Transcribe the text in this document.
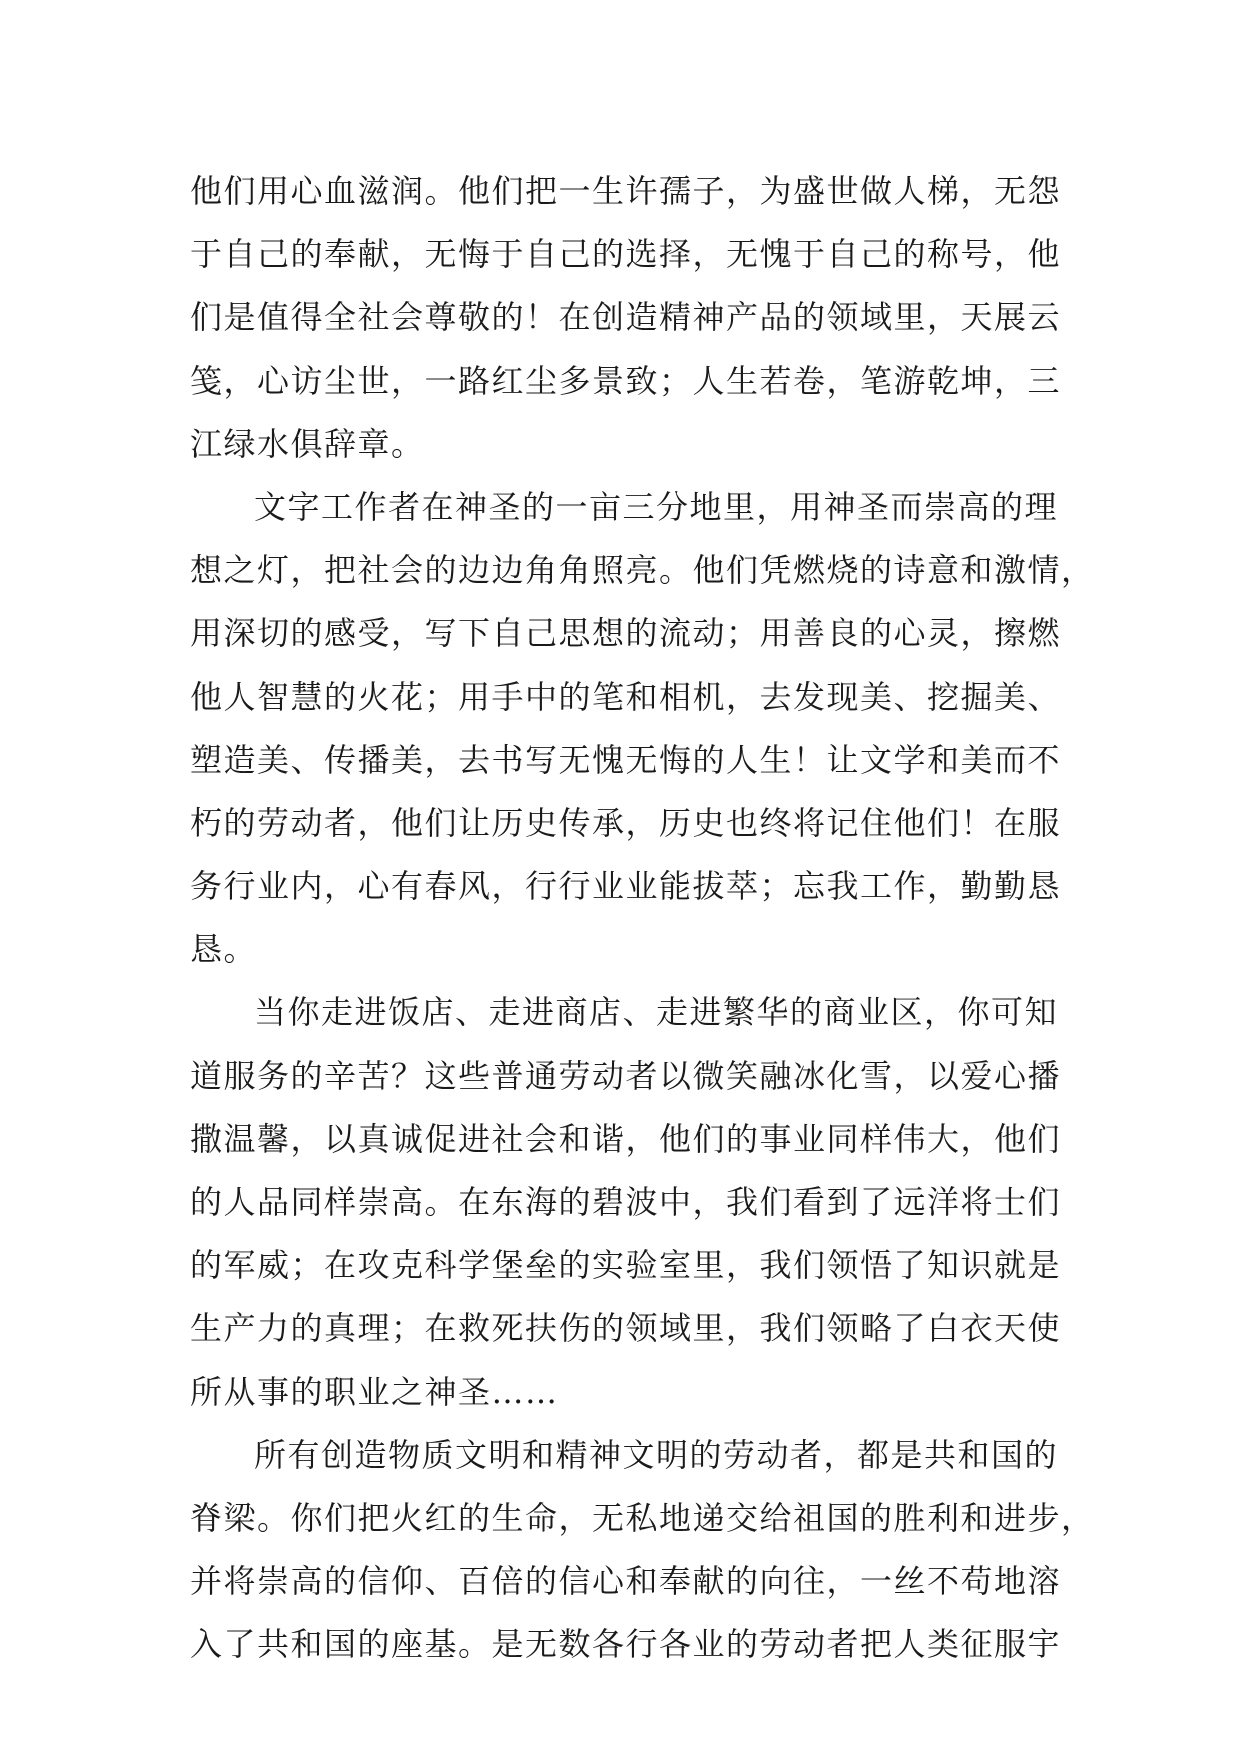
他们用心血滋润。他们把一生许孺子，为盛世做人梯，无怨
于自己的奉献，无悔于自己的选择，无愧于自己的称号，他
们是值得全社会尊敬的！在创造精神产品的领域里，天展云
笺，心访尘世，一路红尘多景致；人生若卷，笔游乾坤，三
江绿水俱辞章。
文字工作者在神圣的一亩三分地里，用神圣而崇高的理
想之灯，把社会的边边角角照亮。他们凭燃烧的诗意和激情，
用深切的感受，写下自己思想的流动；用善良的心灵，擦燃
他人智慧的火花；用手中的笔和相机，去发现美、挖掘美、
塑造美、传播美，去书写无愧无悔的人生！让文学和美而不
朽的劳动者，他们让历史传承，历史也终将记住他们！在服
务行业内，心有春风，行行业业能拔萃；忘我工作，勤勤恳
恳。
当你走进饭店、走进商店、走进繁华的商业区，你可知
道服务的辛苦？这些普通劳动者以微笑融冰化雪，以爱心播
撒温馨，以真诚促进社会和谐，他们的事业同样伟大，他们
的人品同样崇高。在东海的碧波中，我们看到了远洋将士们
的军威；在攻克科学堡垒的实验室里，我们领悟了知识就是
生产力的真理；在救死扶伤的领域里，我们领略了白衣天使
所从事的职业之神圣……
所有创造物质文明和精神文明的劳动者，都是共和国的
脊梁。你们把火红的生命，无私地递交给祖国的胜利和进步，
并将崇高的信仰、百倍的信心和奉献的向往，一丝不苟地溶
入了共和国的座基。是无数各行各业的劳动者把人类征服宇
